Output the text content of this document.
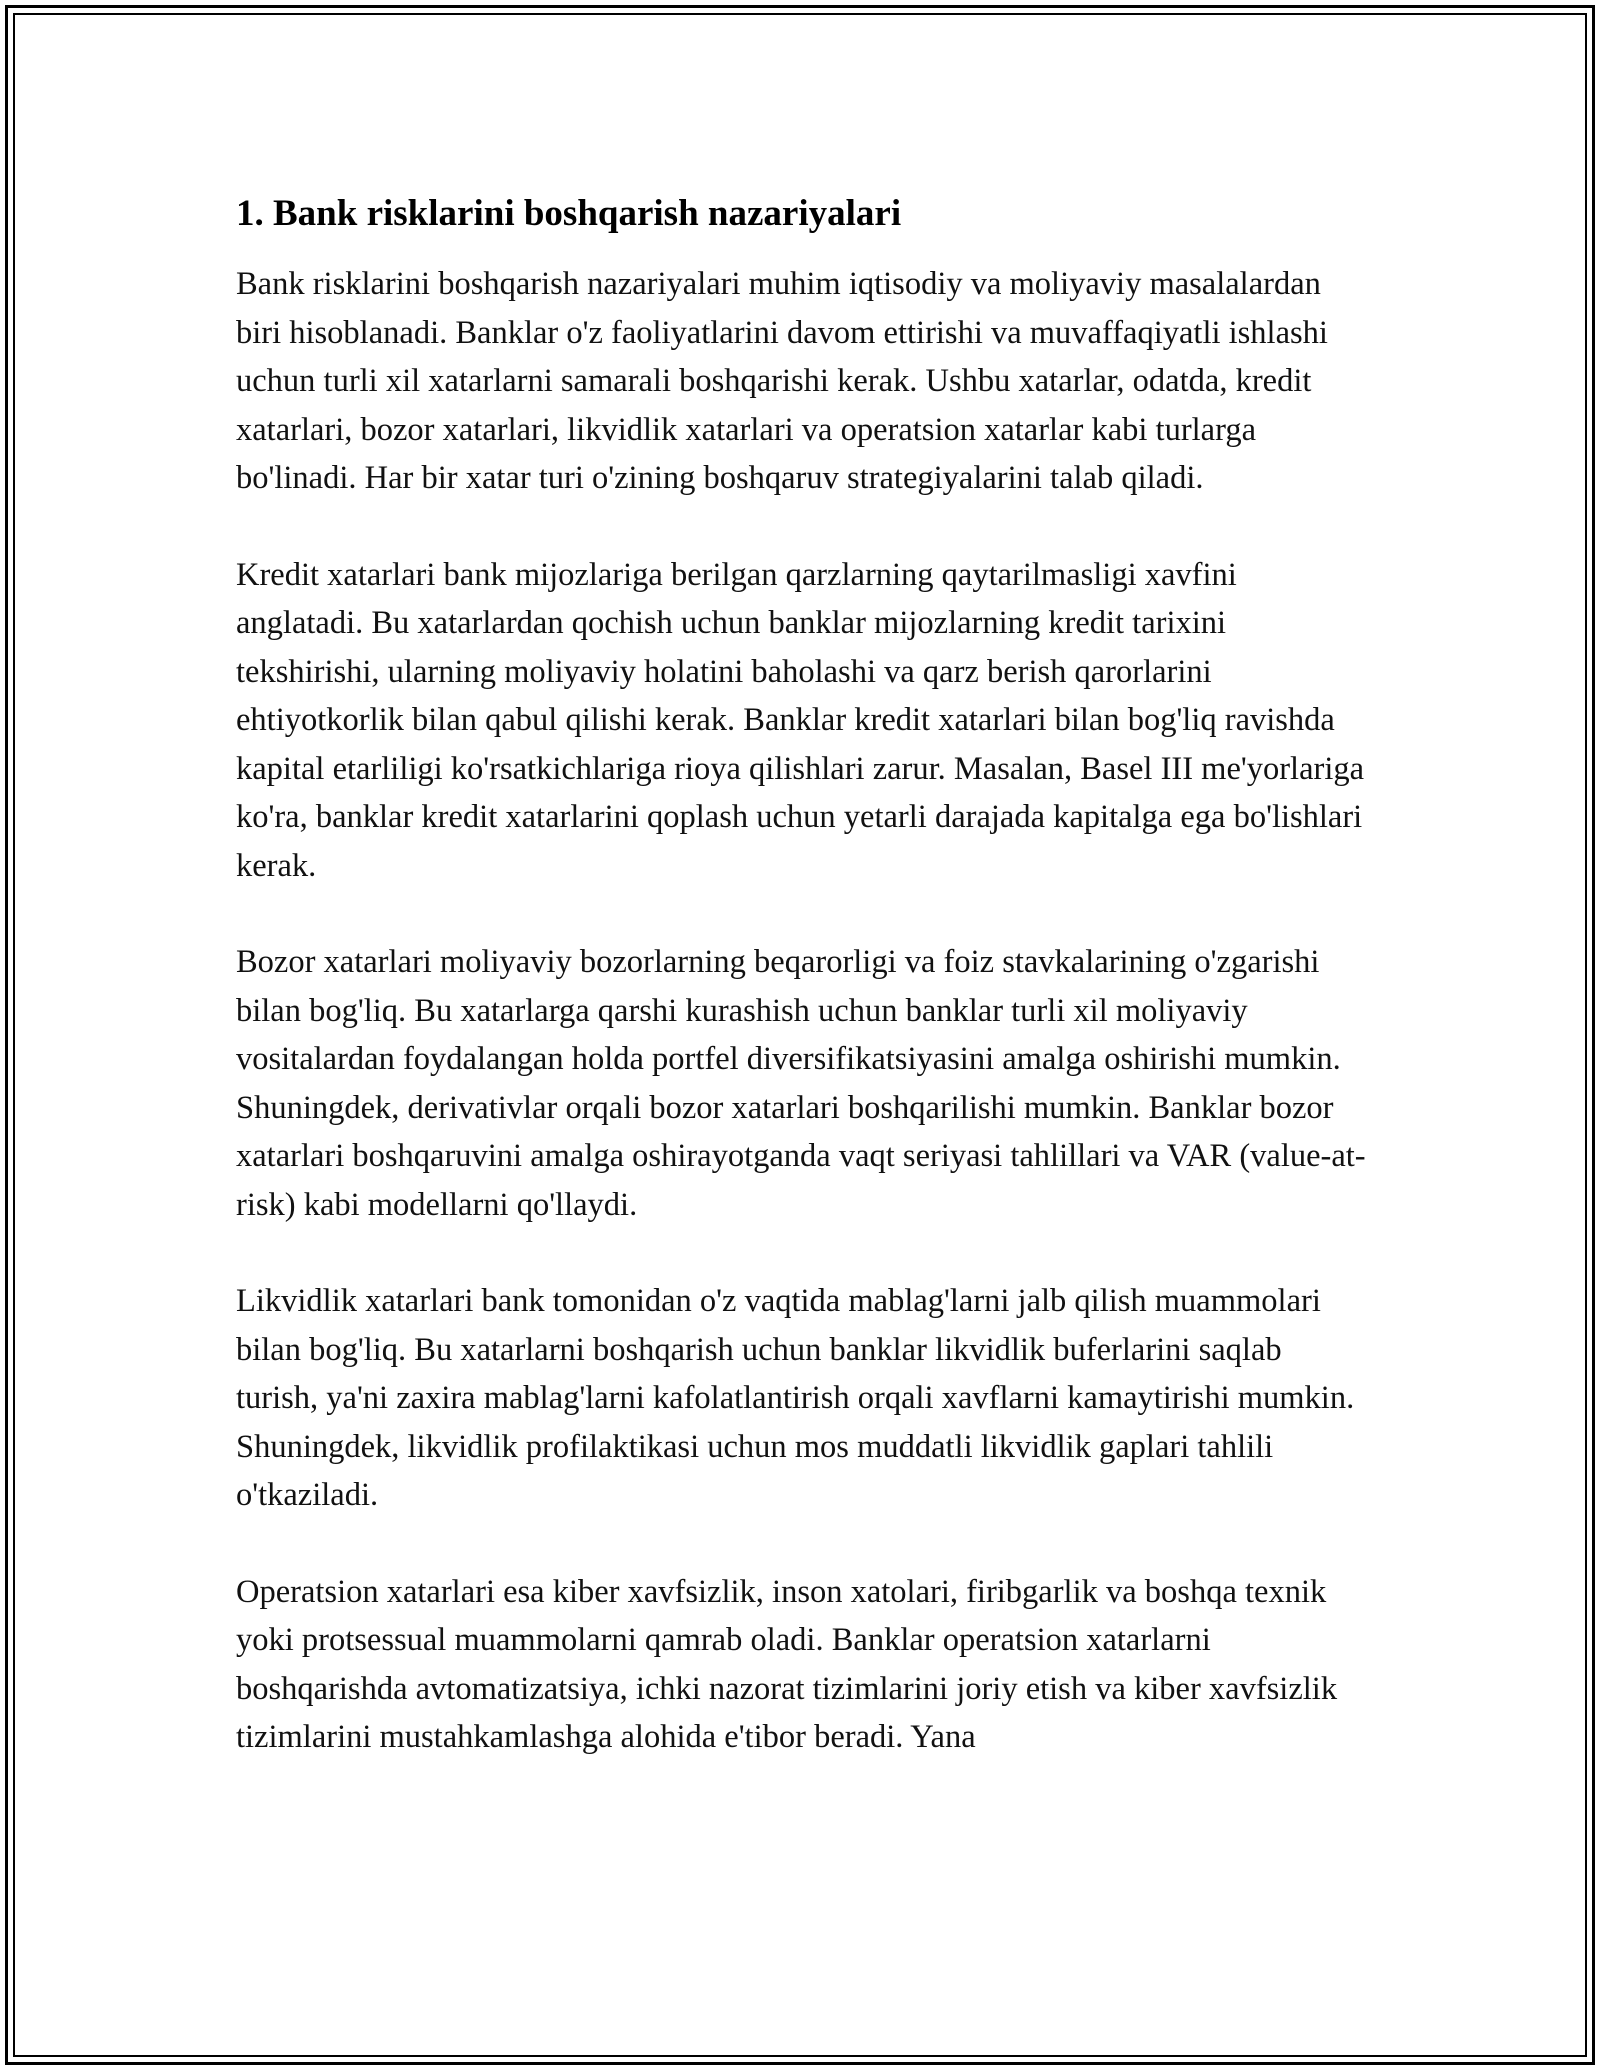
1. Bank risklarini boshqarish nazariyalari

Bank risklarini boshqarish nazariyalari muhim iqtisodiy va moliyaviy masalalardan biri hisoblanadi. Banklar o'z faoliyatlarini davom ettirishi va muvaffaqiyatli ishlashi uchun turli xil xatarlarni samarali boshqarishi kerak. Ushbu xatarlar, odatda, kredit xatarlari, bozor xatarlari, likvidlik xatarlari va operatsion xatarlar kabi turlarga bo'linadi. Har bir xatar turi o'zining boshqaruv strategiyalarini talab qiladi.

Kredit xatarlari bank mijozlariga berilgan qarzlarning qaytarilmasligi xavfini anglatadi. Bu xatarlardan qochish uchun banklar mijozlarning kredit tarixini tekshirishi, ularning moliyaviy holatini baholashi va qarz berish qarorlarini ehtiyotkorlik bilan qabul qilishi kerak. Banklar kredit xatarlari bilan bog'liq ravishda kapital etarliligi ko'rsatkichlariga rioya qilishlari zarur. Masalan, Basel III me'yorlariga ko'ra, banklar kredit xatarlarini qoplash uchun yetarli darajada kapitalga ega bo'lishlari kerak.

Bozor xatarlari moliyaviy bozorlarning beqarorligi va foiz stavkalarining o'zgarishi bilan bog'liq. Bu xatarlarga qarshi kurashish uchun banklar turli xil moliyaviy vositalardan foydalangan holda portfel diversifikatsiyasini amalga oshirishi mumkin. Shuningdek, derivativlar orqali bozor xatarlari boshqarilishi mumkin. Banklar bozor xatarlari boshqaruvini amalga oshirayotganda vaqt seriyasi tahlillari va VAR (value-at-risk) kabi modellarni qo'llaydi.

Likvidlik xatarlari bank tomonidan o'z vaqtida mablag'larni jalb qilish muammolari bilan bog'liq. Bu xatarlarni boshqarish uchun banklar likvidlik buferlarini saqlab turish, ya'ni zaxira mablag'larni kafolatlantirish orqali xavflarni kamaytirishi mumkin. Shuningdek, likvidlik profilaktikasi uchun mos muddatli likvidlik gaplari tahlili o'tkaziladi.

Operatsion xatarlari esa kiber xavfsizlik, inson xatolari, firibgarlik va boshqa texnik yoki protsessual muammolarni qamrab oladi. Banklar operatsion xatarlarni boshqarishda avtomatizatsiya, ichki nazorat tizimlarini joriy etish va kiber xavfsizlik tizimlarini mustahkamlashga alohida e'tibor beradi. Yana
